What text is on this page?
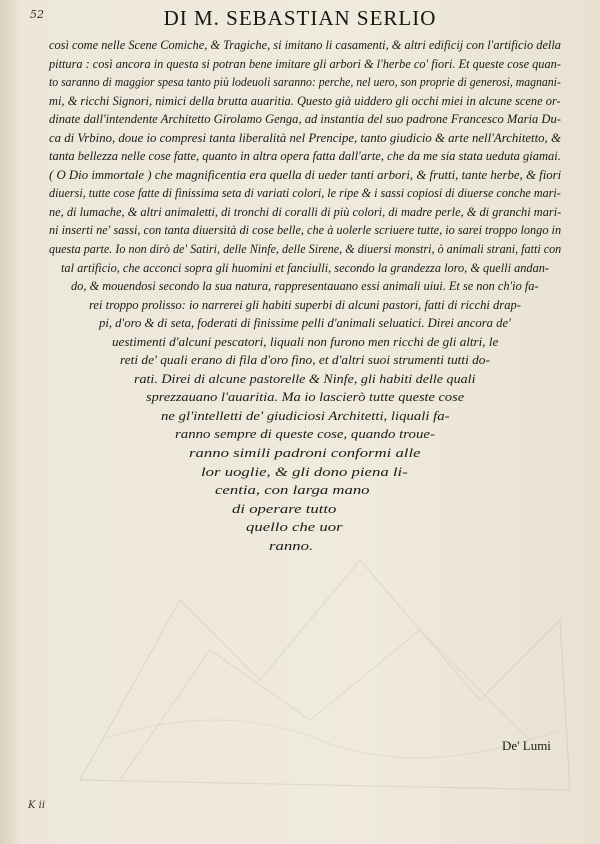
52	DI M. SEBASTIAN SERLIO
così come nelle Scene Comiche, & Tragiche, si imitano li casamenti, & altri edificij con l'artificio della
pittura : così ancora in questa si potran bene imitare gli arbori & l'herbe co' fiori. Et queste cose quan-
to saranno di maggior spesa tanto più lodeuoli saranno: perche, nel uero, son proprie di generosi, magnani-
mi, & ricchi Signori, nimici della brutta auaritia. Questo già uiddero gli occhi miei in alcune scene or-
dinate dall'intendente Architetto Girolamo Genga, ad instantia del suo padrone Francesco Maria Du-
ca di Vrbino, doue io compresi tanta liberalità nel Prencipe, tanto giudicio & arte nell'Architetto, &
tanta bellezza nelle cose fatte, quanto in altra opera fatta dall'arte, che da me sia stata ueduta giamai.
( O Dio immortale ) che magnificentia era quella di ueder tanti arbori, & frutti, tante herbe, & fiori
diuersi, tutte cose fatte di finissima seta di variati colori, le ripe & i sassi copiosi di diuerse conche mari-
ne, di lumache, & altri animaletti, di tronchi di coralli di più colori, di madre perle, & di granchi mari-
ni inserti ne' sassi, con tanta diuersità di cose belle, che à uolerle scriuere tutte, io sarei troppo longo in
questa parte. Io non dirò de' Satiri, delle Ninfe, delle Sirene, & diuersi monstri, ò animali strani, fatti con
tal artificio, che acconci sopra gli huomini et fanciulli, secondo la grandezza loro, & quelli andan-
do, & mouendosi secondo la sua natura, rappresentauano essi animali uiui. Et se non ch'io fa-
rei troppo prolisso: io narrerei gli habiti superbi di alcuni pastori, fatti di ricchi drap-
pi, d'oro & di seta, foderati di finissime pelli d'animali seluatici. Direi ancora de'
uestimenti d'alcuni pescatori, liquali non furono men ricchi de gli altri, le
reti de' quali erano di fila d'oro fino, et d'altri suoi strumenti tutti do-
rati. Direi di alcune pastorelle & Ninfe, gli habiti delle quali
sprezzauano l'auaritia. Ma io lascierò tutte queste cose
ne gl'intelletti de' giudiciosi Architetti, liquali fa-
ranno sempre di queste cose, quando troue-
ranno simili padroni conformi alle
lor uoglie, & gli dono piena li-
centia, con larga mano
di operare tutto
quello che uor
ranno.
De' Lumi
K ii
